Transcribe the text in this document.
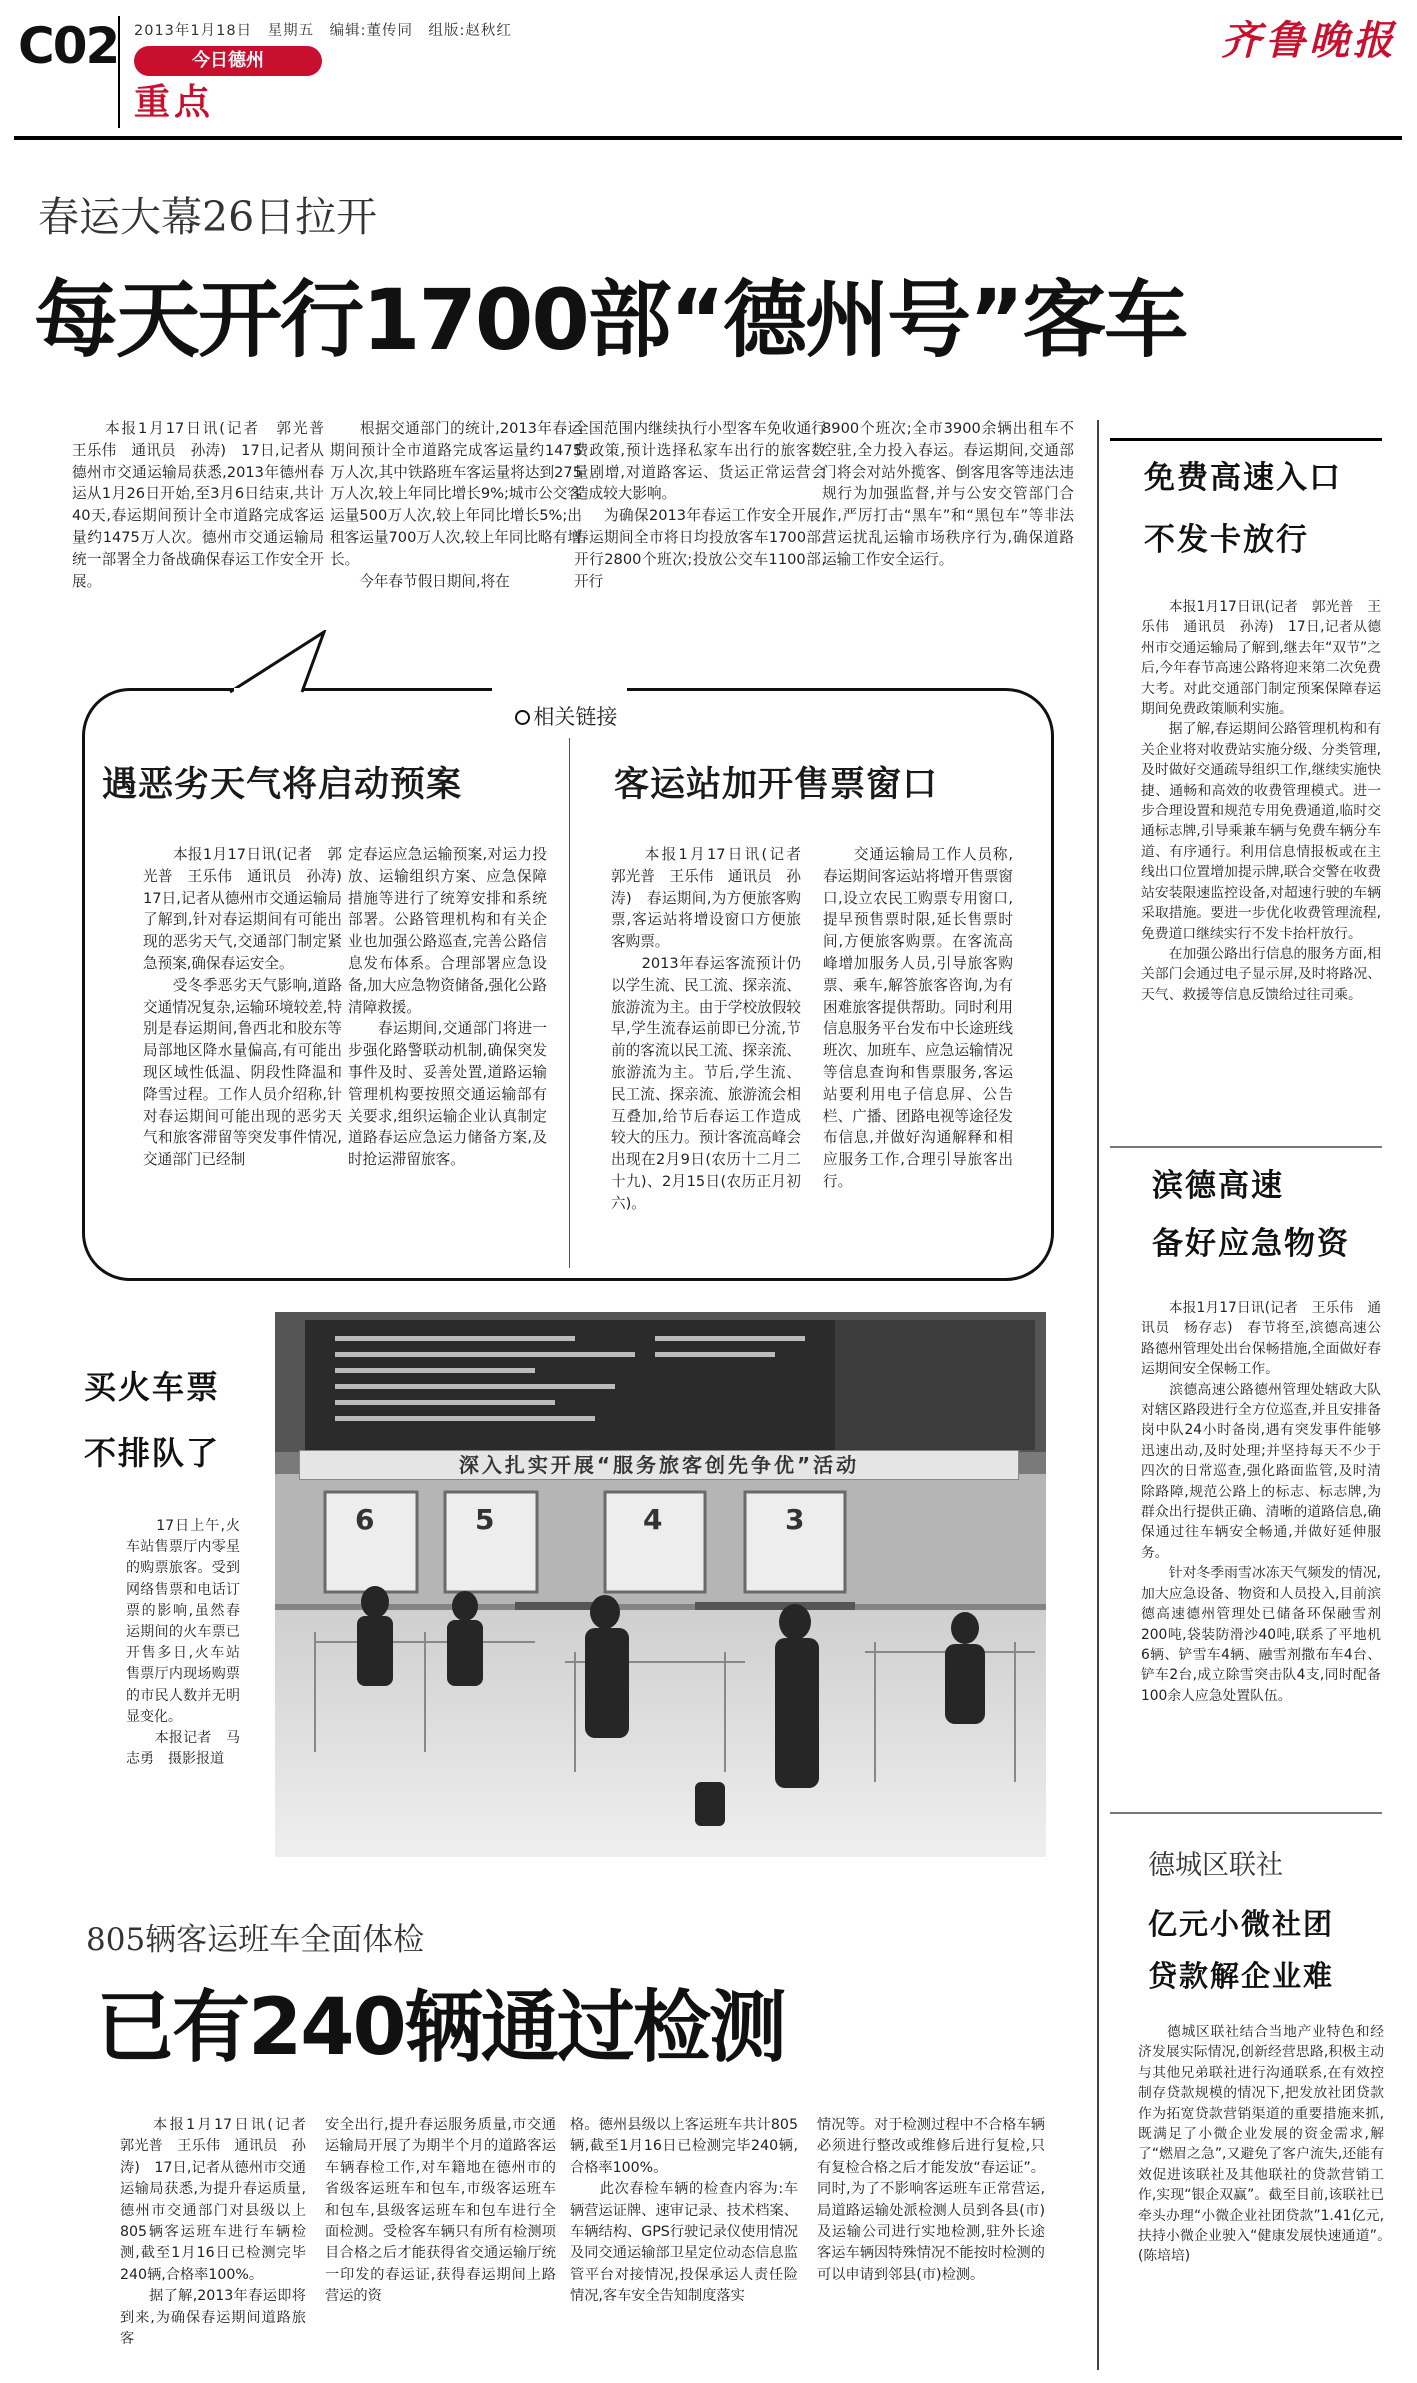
C02 2013年1月18日　星期五　编辑:董传同　组版:赵秋红
今日德州
重点
齐鲁晚报
春运大幕26日拉开
每天开行1700部“德州号”客车
　　本报1月17日讯(记者　郭光普　王乐伟　通讯员　孙涛)　17日,记者从德州市交通运输局获悉,2013年德州春运从1月26日开始,至3月6日结束,共计40天,春运期间预计全市道路完成客运量约1475万人次。德州市交通运输局统一部署全力备战确保春运工作安全开展。
　　根据交通部门的统计,2013年春运期间预计全市道路完成客运量约1475万人次,其中铁路班车客运量将达到275万人次,较上年同比增长9%;城市公交客运量500万人次,较上年同比增长5%;出租客运量700万人次,较上年同比略有增长。
　　今年春节假日期间,将在
全国范围内继续执行小型客车免收通行费政策,预计选择私家车出行的旅客数量剧增,对道路客运、货运正常运营会造成较大影响。
　　为确保2013年春运工作安全开展,春运期间全市将日均投放客车1700部,开行2800个班次;投放公交车1100部,开行
8900个班次;全市3900余辆出租车不空驻,全力投入春运。春运期间,交通部门将会对站外揽客、倒客甩客等违法违规行为加强监督,并与公安交管部门合作,严厉打击“黑车”和“黑包车”等非法营运扰乱运输市场秩序行为,确保道路运输工作安全运行。

相关链接

遇恶劣天气将启动预案
　　本报1月17日讯(记者　郭光普　王乐伟　通讯员　孙涛)　17日,记者从德州市交通运输局了解到,针对春运期间有可能出现的恶劣天气,交通部门制定紧急预案,确保春运安全。
　　受冬季恶劣天气影响,道路交通情况复杂,运输环境较差,特别是春运期间,鲁西北和胶东等局部地区降水量偏高,有可能出现区域性低温、阴段性降温和降雪过程。工作人员介绍称,针对春运期间可能出现的恶劣天气和旅客滞留等突发事件情况,交通部门已经制
定春运应急运输预案,对运力投放、运输组织方案、应急保障措施等进行了统筹安排和系统部署。公路管理机构和有关企业也加强公路巡查,完善公路信息发布体系。合理部署应急设备,加大应急物资储备,强化公路清障救援。
　　春运期间,交通部门将进一步强化路警联动机制,确保突发事件及时、妥善处置,道路运输管理机构要按照交通运输部有关要求,组织运输企业认真制定道路春运应急运力储备方案,及时抢运滞留旅客。
客运站加开售票窗口
　　本报1月17日讯(记者　郭光普　王乐伟　通讯员　孙涛)　春运期间,为方便旅客购票,客运站将增设窗口方便旅客购票。
　　2013年春运客流预计仍以学生流、民工流、探亲流、旅游流为主。由于学校放假较早,学生流春运前即已分流,节前的客流以民工流、探亲流、旅游流为主。节后,学生流、民工流、探亲流、旅游流会相互叠加,给节后春运工作造成较大的压力。预计客流高峰会出现在2月9日(农历十二月二十九)、2月15日(农历正月初六)。
　　交通运输局工作人员称,春运期间客运站将增开售票窗口,设立农民工购票专用窗口,提早预售票时限,延长售票时间,方便旅客购票。在客流高峰增加服务人员,引导旅客购票、乘车,解答旅客咨询,为有困难旅客提供帮助。同时利用信息服务平台发布中长途班线班次、加班车、应急运输情况等信息查询和售票服务,客运站要利用电子信息屏、公告栏、广播、团路电视等途径发布信息,并做好沟通解释和相应服务工作,合理引导旅客出行。
买火车票　不排队了
　　17日上午,火车站售票厅内零星的购票旅客。受到网络售票和电话订票的影响,虽然春运期间的火车票已开售多日,火车站售票厅内现场购票的市民人数并无明显变化。
　　本报记者　马志勇　摄影报道
深入扎实开展“服务旅客创先争优”活动
6	5	4	3
805辆客运班车全面体检
已有240辆通过检测
　　本报1月17日讯(记者　郭光普　王乐伟　通讯员　孙涛)　17日,记者从德州市交通运输局获悉,为提升春运质量,德州市交通部门对县级以上805辆客运班车进行车辆检测,截至1月16日已检测完毕240辆,合格率100%。
　　据了解,2013年春运即将到来,为确保春运期间道路旅客
安全出行,提升春运服务质量,市交通运输局开展了为期半个月的道路客运车辆春检工作,对车籍地在德州市的省级客运班车和包车,市级客运班车和包车,县级客运班车和包车进行全面检测。受检客车辆只有所有检测项目合格之后才能获得省交通运输厅统一印发的春运证,获得春运期间上路营运的资
格。德州县级以上客运班车共计805辆,截至1月16日已检测完毕240辆,合格率100%。
　　此次春检车辆的检查内容为:车辆营运证牌、速审记录、技术档案、车辆结构、GPS行驶记录仪使用情况及同交通运输部卫星定位动态信息监管平台对接情况,投保承运人责任险情况,客车安全告知制度落实
情况等。对于检测过程中不合格车辆必须进行整改或维修后进行复检,只有复检合格之后才能发放“春运证”。同时,为了不影响客运班车正常营运,局道路运输处派检测人员到各县(市)及运输公司进行实地检测,驻外长途客运车辆因特殊情况不能按时检测的可以申请到邻县(市)检测。
免费高速入口
不发卡放行
　　本报1月17日讯(记者　郭光普　王乐伟　通讯员　孙涛)　17日,记者从德州市交通运输局了解到,继去年“双节”之后,今年春节高速公路将迎来第二次免费大考。对此交通部门制定预案保障春运期间免费政策顺利实施。
　　据了解,春运期间公路管理机构和有关企业将对收费站实施分级、分类管理,及时做好交通疏导组织工作,继续实施快捷、通畅和高效的收费管理模式。进一步合理设置和规范专用免费通道,临时交通标志牌,引导乘兼车辆与免费车辆分车道、有序通行。利用信息情报板或在主线出口位置增加提示牌,联合交警在收费站安装限速监控设备,对超速行驶的车辆采取措施。要进一步优化收费管理流程,免费道口继续实行不发卡抬杆放行。
　　在加强公路出行信息的服务方面,相关部门会通过电子显示屏,及时将路况、天气、救援等信息反馈给过往司乘。
滨德高速
备好应急物资
　　本报1月17日讯(记者　王乐伟　通讯员　杨存志)　春节将至,滨德高速公路德州管理处出台保畅措施,全面做好春运期间安全保畅工作。
　　滨德高速公路德州管理处辖政大队对辖区路段进行全方位巡查,并且安排备岗中队24小时备岗,遇有突发事件能够迅速出动,及时处理;并坚持每天不少于四次的日常巡查,强化路面监管,及时清除路障,规范公路上的标志、标志牌,为群众出行提供正确、清晰的道路信息,确保通过往车辆安全畅通,并做好延伸服务。
　　针对冬季雨雪冰冻天气频发的情况,加大应急设备、物资和人员投入,目前滨德高速德州管理处已储备环保融雪剂200吨,袋装防滑沙40吨,联系了平地机6辆、铲雪车4辆、融雪剂撒布车4台、铲车2台,成立除雪突击队4支,同时配备100余人应急处置队伍。
德城区联社
亿元小微社团
贷款解企业难
　　德城区联社结合当地产业特色和经济发展实际情况,创新经营思路,积极主动与其他兄弟联社进行沟通联系,在有效控制存贷款规模的情况下,把发放社团贷款作为拓宽贷款营销渠道的重要措施来抓,既满足了小微企业发展的资金需求,解了“燃眉之急”,又避免了客户流失,还能有效促进该联社及其他联社的贷款营销工作,实现“银企双赢”。截至目前,该联社已牵头办理“小微企业社团贷款”1.41亿元,扶持小微企业驶入“健康发展快速通道”。　　　(陈培培)
